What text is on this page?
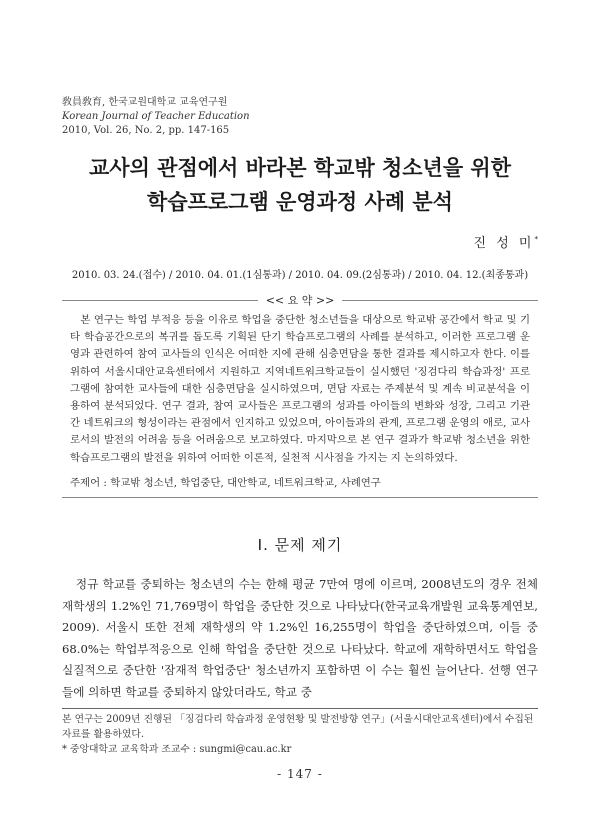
敎員敎育, 한국교원대학교 교육연구원
Korean Journal of Teacher Education
2010, Vol. 26, No. 2, pp. 147-165
교사의 관점에서 바라본 학교밖 청소년을 위한
학습프로그램 운영과정 사례 분석
진 성 미*
2010. 03. 24.(접수) / 2010. 04. 01.(1심통과) / 2010. 04. 09.(2심통과) / 2010. 04. 12.(최종통과)
<< 요 약 >>
본 연구는 학업 부적응 등을 이유로 학업을 중단한 청소년들을 대상으로 학교밖 공간에서 학교 및 기타 학습공간으로의 복귀를 돕도록 기획된 단기 학습프로그램의 사례를 분석하고, 이러한 프로그램 운영과 관련하여 참여 교사들의 인식은 어떠한 지에 관해 심층면담을 통한 결과를 제시하고자 한다. 이를 위하여 서울시대안교육센터에서 지원하고 지역네트워크학교들이 실시했던 '징검다리 학습과정' 프로그램에 참여한 교사들에 대한 심층면담을 실시하였으며, 면담 자료는 주제분석 및 계속 비교분석을 이용하여 분석되었다. 연구 결과, 참여 교사들은 프로그램의 성과를 아이들의 변화와 성장, 그리고 기관간 네트워크의 형성이라는 관점에서 인지하고 있었으며, 아이들과의 관계, 프로그램 운영의 애로, 교사로서의 발전의 어려움 등을 어려움으로 보고하였다. 마지막으로 본 연구 결과가 학교밖 청소년을 위한 학습프로그램의 발전을 위하여 어떠한 이론적, 실천적 시사점을 가지는 지 논의하였다.
주제어 : 학교밖 청소년, 학업중단, 대안학교, 네트워크학교, 사례연구
Ⅰ. 문제 제기
정규 학교를 중퇴하는 청소년의 수는 한해 평균 7만여 명에 이르며, 2008년도의 경우 전체 재학생의 1.2%인 71,769명이 학업을 중단한 것으로 나타났다(한국교육개발원 교육통계연보, 2009). 서울시 또한 전체 재학생의 약 1.2%인 16,255명이 학업을 중단하였으며, 이들 중 68.0%는 학업부적응으로 인해 학업을 중단한 것으로 나타났다. 학교에 재학하면서도 학업을 실질적으로 중단한 '잠재적 학업중단' 청소년까지 포함하면 이 수는 훨씬 늘어난다. 선행 연구들에 의하면 학교를 중퇴하지 않았더라도, 학교 중

본 연구는 2009년 진행된 「징검다리 학습과정 운영현황 및 발전방향 연구」(서울시대안교육센터)에서 수집된 자료를 활용하였다.

* 중앙대학교 교육학과 조교수 : sungmi@cau.ac.kr

- 147 -
